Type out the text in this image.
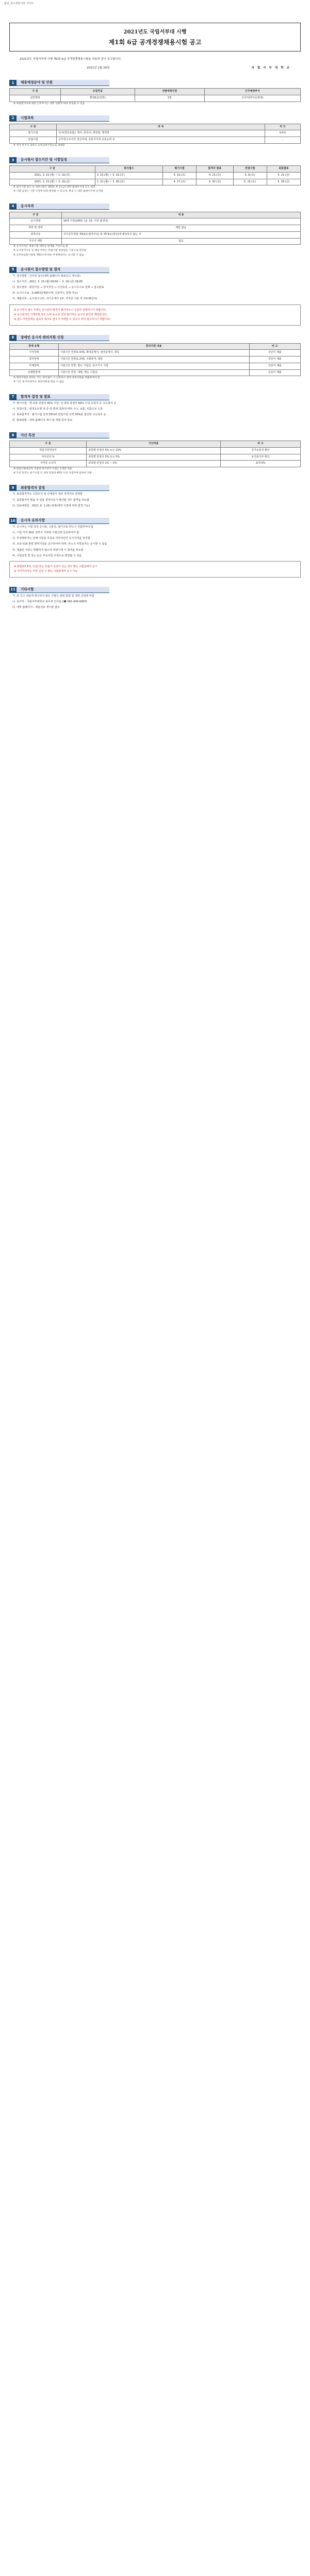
붙임_접수관련서류 사이트
2021년도 국립서부대 시행
제1회 6급 공개경쟁채용시험 공고
2021년도 국립서부대 시행 제1회 6급 공개경쟁채용시험을 다음과 같이 공고합니다.
2021년 2월 26일	국 립 서 부 대 학 교
1	채용예정분야 및 인원
구 분	모집직급	선발예정인원	근무예정부서
일반행정	행정6급(일반)	1명	교무처(학사운영과)
※ 최종합격자에 대한 근무부서는 대학 상황에 따라 변경될 수 있음
2	시험과목
구 분	과 목	비 고
필기시험	국어(한문포함), 영어, 한국사, 행정법, 행정학	5과목
면접시험	공무원으로서의 정신자세, 전문지식과 응용능력 등	-
※ 영어·한국사 과목은 능력검정시험으로 대체함
3	응시원서 접수기간 및 시험일정
구 분	원서접수	필기시험	합격자 발표	면접시험	최종발표
2021. 3. 15.(월) ~ 3. 19.(금)	3. 15.(월) ~ 3. 19.(금)	4. 10.(토)	4. 23.(금)	5. 8.(토)	5. 21.(금)
2021. 3. 15.(월) ~ 3. 19.(금)	3. 22.(월) ~ 3. 26.(금)	4. 17.(토)	4. 30.(금)	5. 15.(토)	5. 28.(금)
※ 필기시험 장소 등 세부사항은 2021. 4. 2.(금) 대학 홈페이지에 공고 예정
※ 시험 일정은 기관 사정에 따라 변경될 수 있으며, 변경 시 대학 홈페이지에 공지함
4	응시자격
구 분	내 용
응시연령	18세 이상(2003. 12. 31. 이전 출생자)
학력 및 경력	제한 없음
결격사유	국가공무원법 제33조(결격사유) 및 제74조(정년)에 해당하지 않는 자
거주지 제한	없음
※ 응시자격은 최종시험 예정일 현재를 기준으로 함
※ 응시결격사유 등 해당 여부는 면접시험 최종일을 기준으로 판단함
※ 공무원임용시험령 제51조에 따른 부정행위자는 응시할 수 없음
5	응시원서 접수방법 및 절차
가. 접수방법 : 인터넷 접수(대학 홈페이지 채용공고 게시판)
나. 접수기간 : 2021. 3. 15.(월) 09:00 ~ 3. 19.(금) 18:00
다. 접수절차 : 회원가입 → 원서작성 → 사진등록 → 응시수수료 결제 → 접수완료
라. 응시수수료 : 5,000원(계좌이체, 신용카드 결제 가능)
마. 제출서류 : 응시원서 1부, 자기소개서 1부, 자격증 사본 각 1부(해당자)
※ 응시원서 접수 후에는 응시분야 변경이 불가하오니 신중히 선택하시기 바랍니다.
※ 응시원서의 기재사항 착오·누락 등으로 인한 불이익은 응시자 본인의 책임입니다.
※ 접수 마감일에는 접속자 폭주로 접수가 어려울 수 있으니 미리 접수하시기 바랍니다.
6	장애인 응시자 편의지원 신청
장애 유형	편의지원 내용	비 고
시각장애	시험시간 연장(1.5배), 확대문제지, 점자문제지, 대독	진단서 제출
청각장애	시험시간 연장(1.2배), 수화통역, 필담	진단서 제출
지체장애	시험시간 연장, 별도 시험실, 보조기구 지참	진단서 제출
뇌병변장애	시험시간 연장, 대필, 별도 시험실	진단서 제출
※ 편의지원을 원하는 자는 원서접수 시 신청하고 관련 증빙서류를 제출하여야 함
※ 기간 내 미신청자는 편의지원을 받을 수 없음
7	합격자 결정 및 발표
가. 필기시험 : 매 과목 만점의 40% 이상, 전 과목 총점의 60% 이상 득점자 중 고득점자 순
나. 면접시험 : 평정요소별 상·중·하 평정 결과에 따라 우수, 보통, 미흡으로 구분
다. 최종합격자 : 필기시험 성적 50%와 면접시험 성적 50%를 합산한 고득점자 순
라. 발표방법 : 대학 홈페이지 게시 및 개별 문자 통보
8	가산 특전
구 분	가산비율	비 고
취업지원대상자	과목별 만점의 5% 또는 10%	국가보훈처 확인
의사상자 등	과목별 만점의 3% 또는 5%	보건복지부 확인
자격증 소지자	과목별 만점의 1% ~ 5%	최대 5%
※ 취업지원대상자 가점과 의사상자 가점은 1개만 적용
※ 가산 특전은 필기시험 각 과목 만점의 40% 이상 득점자에 한하여 적용
9	최종합격자 결정
가. 최종합격자는 신원조사 및 신체검사 결과 적격자로 결정함
나. 최종합격자 발표 후 임용 결격사유가 발견될 경우 합격을 취소함
다. 임용예정일 : 2021. 6. 1.(화) 예정(대학 사정에 따라 변경 가능)
10	응시자 유의사항
가. 응시자는 시험 당일 응시표, 신분증, 필기구를 반드시 지참하여야 함
나. 시험 시작 30분 전까지 지정된 시험실에 입실하여야 함
다. 부정행위자는 당해 시험을 무효로 하며 5년간 응시자격을 정지함
라. 코로나19 관련 방역지침을 준수하여야 하며, 마스크 미착용자는 응시할 수 없음
마. 제출된 서류는 반환하지 않으며 허위기재 시 합격을 취소함
바. 시험일정 및 장소 등은 부득이한 사정으로 변경될 수 있음
※ 발열(37.5℃ 이상) 또는 호흡기 증상이 있는 경우 별도 시험실에서 응시
※ 자가격리자는 사전 신청 시 별도 시험장에서 응시 가능
11	기타사항
가. 본 공고 내용에 명시되지 않은 사항은 관련 법령 및 대학 규정에 따름
나. 문의처 : 국립서부대학교 총무과 인사팀 (☎ 061-000-0000)
다. 대학 홈페이지 : 채용정보 게시판 참조
